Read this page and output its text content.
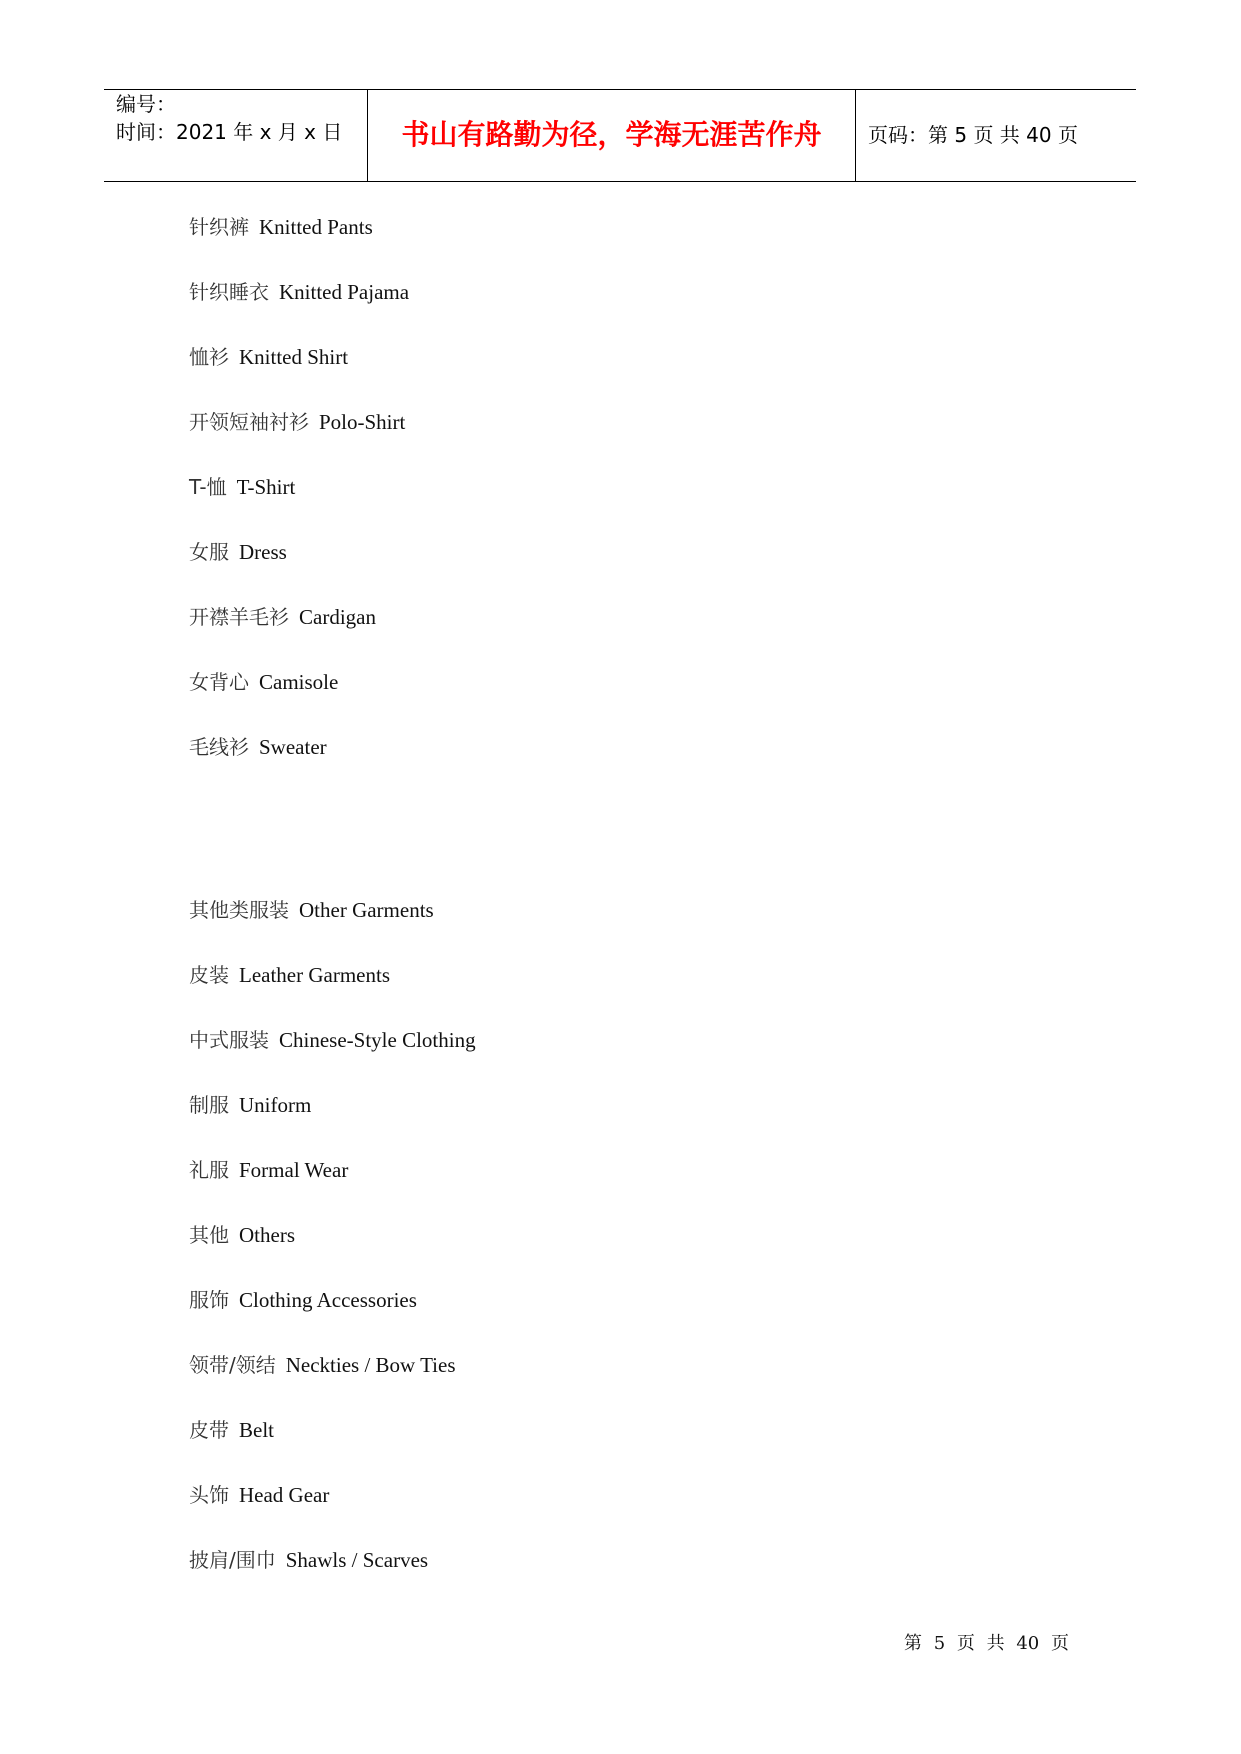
编号：
时间：2021 年 x 月 x 日	书山有路勤为径，学海无涯苦作舟	页码：第 5 页 共 40 页
针织裤 Knitted Pants
针织睡衣 Knitted Pajama
恤衫 Knitted Shirt
开领短袖衬衫 Polo-Shirt
T-恤 T-Shirt
女服 Dress
开襟羊毛衫 Cardigan
女背心 Camisole
毛线衫 Sweater
其他类服装 Other Garments
皮装 Leather Garments
中式服装 Chinese-Style Clothing
制服 Uniform
礼服 Formal Wear
其他 Others
服饰 Clothing Accessories
领带/领结 Neckties / Bow Ties
皮带 Belt
头饰 Head Gear
披肩/围巾 Shawls / Scarves
第 5 页 共 40 页
